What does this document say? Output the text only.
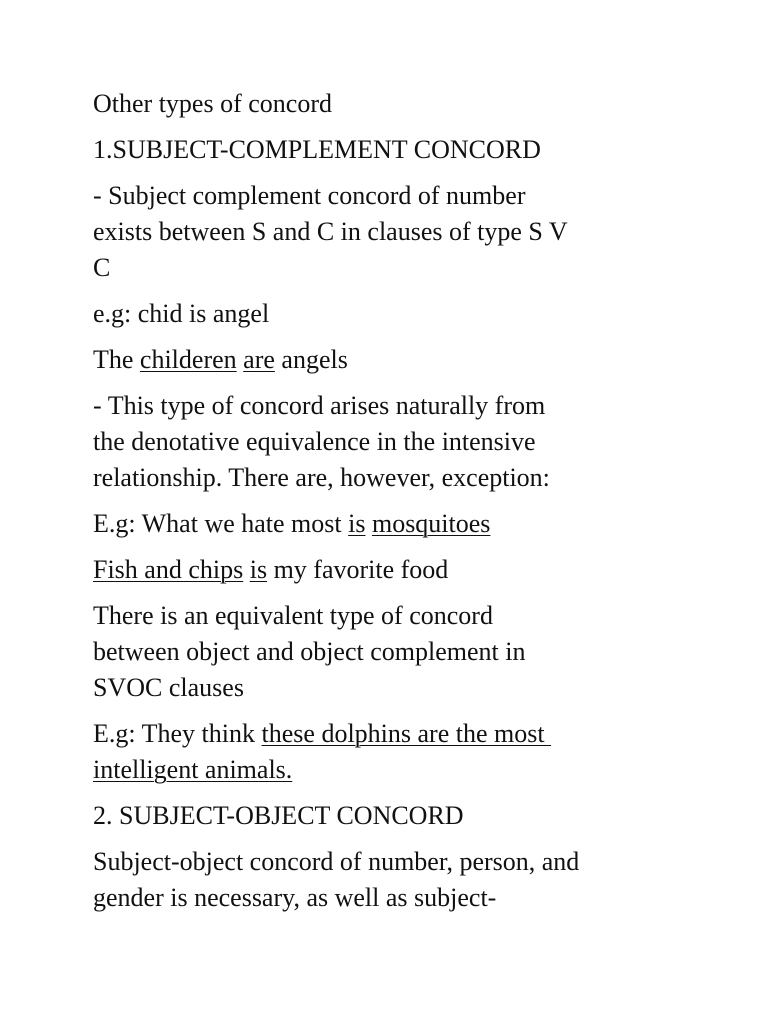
Other types of concord

1.SUBJECT-COMPLEMENT CONCORD

- Subject complement concord of number
exists between S and C in clauses of type S V
C

e.g: chid is angel

The childeren are angels

- This type of concord arises naturally from
the denotative equivalence in the intensive
relationship. There are, however, exception:

E.g: What we hate most is mosquitoes

Fish and chips is my favorite food

There is an equivalent type of concord
between object and object complement in
SVOC clauses

E.g: They think these dolphins are the most
intelligent animals.

2. SUBJECT-OBJECT CONCORD

Subject-object concord of number, person, and
gender is necessary, as well as subject-
